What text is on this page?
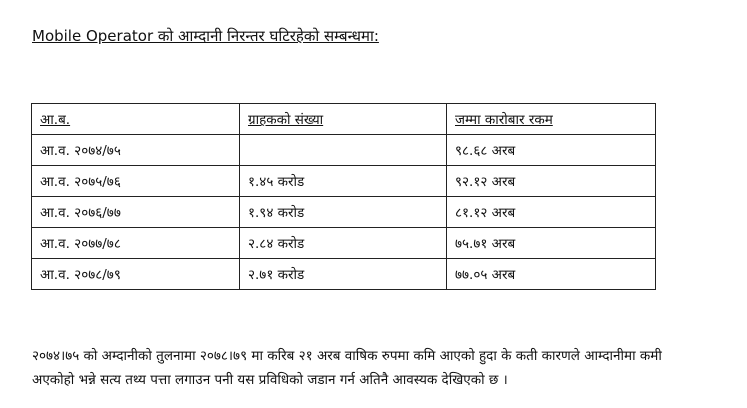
Mobile Operator को आम्दानी निरन्तर घटिरहेको सम्बन्धमा:
आ.ब.	ग्राहकको संख्या	जम्मा कारोबार रकम
आ.व. २०७४/७५		९८.६८ अरब
आ.व. २०७५/७६	१.४५ करोड	९२.१२ अरब
आ.व. २०७६/७७	१.९४ करोड	८१.१२ अरब
आ.व. २०७७/७८	२.८४ करोड	७५.७१ अरब
आ.व. २०७८/७९	२.७१ करोड	७७.०५ अरब

२०७४।७५ को अम्दानीको तुलनामा २०७८।७९ मा करिब २१ अरब वाषिक रुपमा कमि आएको हुदा के कती कारणले आम्दानीमा कमी अएकोहो भन्ने सत्य तथ्य पत्ता लगाउन पनी यस प्रविधिको जडान गर्न अतिनै आवस्यक देखिएको छ ।
